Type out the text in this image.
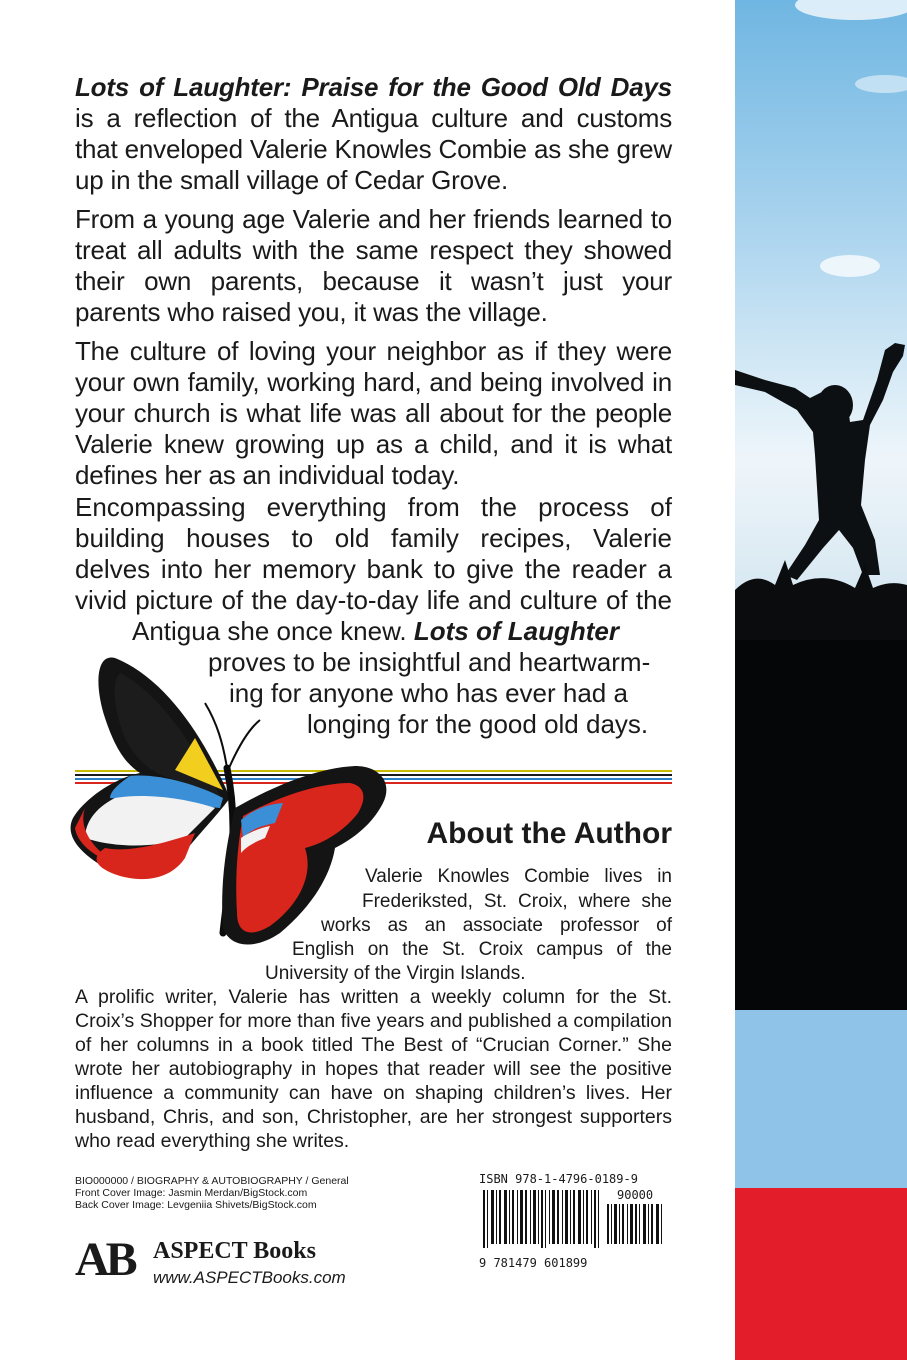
Lots of Laughter: Praise for the Good Old Days is a reflection of the Antigua culture and customs that enveloped Valerie Knowles Combie as she grew up in the small village of Cedar Grove.

From a young age Valerie and her friends learned to treat all adults with the same respect they showed their own parents, because it wasn’t just your parents who raised you, it was the village.

The culture of loving your neighbor as if they were your own family, working hard, and being involved in your church is what life was all about for the people Valerie knew growing up as a child, and it is what defines her as an individual today.

Encompassing everything from the process of

building houses to old family recipes, Valerie

delves into her memory bank to give the reader a

vivid picture of the day-to-day life and culture of the

Antigua she once knew. Lots of Laughter

proves to be insightful and heartwarm-

ing for anyone who has ever had a

longing for the good old days.

About the Author

Valerie Knowles Combie lives in

Frederiksted, St. Croix, where she

works as an associate professor of

English on the St. Croix campus of the

University of the Virgin Islands.

A prolific writer, Valerie has written a weekly column for the St. Croix’s Shopper for more than five years and published a compilation of her columns in a book titled The Best of “Crucian Corner.” She wrote her autobiography in hopes that reader will see the positive influence a community can have on shaping children’s lives. Her husband, Chris, and son, Christopher, are her strongest supporters who read everything she writes.

BIO000000 / BIOGRAPHY & AUTOBIOGRAPHY / General

Front Cover Image: Jasmin Merdan/BigStock.com

Back Cover Image: Levgeniia Shivets/BigStock.com

ISBN 978-1-4796-0189-9

90000

9 781479 601899

AB ASPECT Books

www.ASPECTBooks.com
